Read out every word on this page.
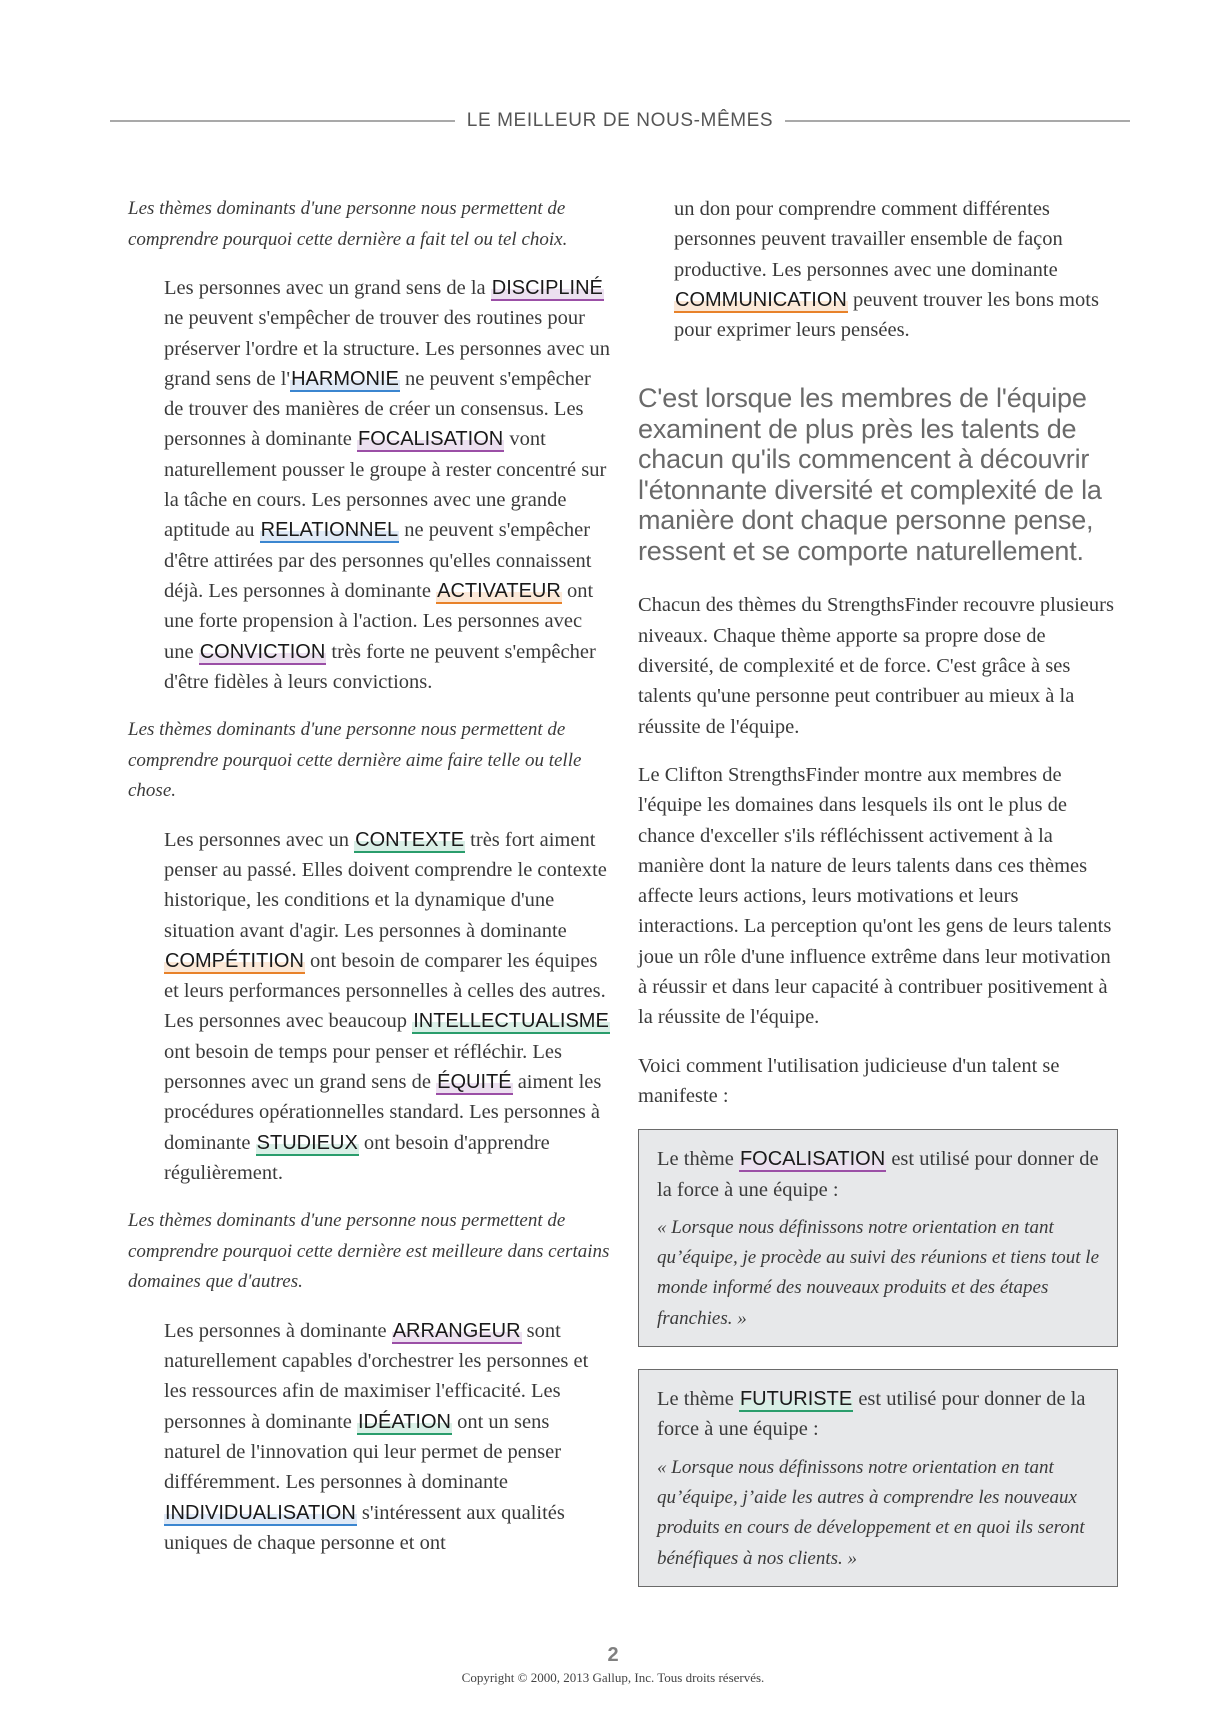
LE MEILLEUR DE NOUS-MÊMES

Les thèmes dominants d'une personne nous permettent de comprendre pourquoi cette dernière a fait tel ou tel choix.

Les personnes avec un grand sens de la DISCIPLINÉ ne peuvent s'empêcher de trouver des routines pour préserver l'ordre et la structure. Les personnes avec un grand sens de l'HARMONIE ne peuvent s'empêcher de trouver des manières de créer un consensus. Les personnes à dominante FOCALISATION vont naturellement pousser le groupe à rester concentré sur la tâche en cours. Les personnes avec une grande aptitude au RELATIONNEL ne peuvent s'empêcher d'être attirées par des personnes qu'elles connaissent déjà. Les personnes à dominante ACTIVATEUR ont une forte propension à l'action. Les personnes avec une CONVICTION très forte ne peuvent s'empêcher d'être fidèles à leurs convictions.

Les thèmes dominants d'une personne nous permettent de comprendre pourquoi cette dernière aime faire telle ou telle chose.

Les personnes avec un CONTEXTE très fort aiment penser au passé. Elles doivent comprendre le contexte historique, les conditions et la dynamique d'une situation avant d'agir. Les personnes à dominante COMPÉTITION ont besoin de comparer les équipes et leurs performances personnelles à celles des autres. Les personnes avec beaucoup INTELLECTUALISME ont besoin de temps pour penser et réfléchir. Les personnes avec un grand sens de ÉQUITÉ aiment les procédures opérationnelles standard. Les personnes à dominante STUDIEUX ont besoin d'apprendre régulièrement.

Les thèmes dominants d'une personne nous permettent de comprendre pourquoi cette dernière est meilleure dans certains domaines que d'autres.

Les personnes à dominante ARRANGEUR sont naturellement capables d'orchestrer les personnes et les ressources afin de maximiser l'efficacité. Les personnes à dominante IDÉATION ont un sens naturel de l'innovation qui leur permet de penser différemment. Les personnes à dominante INDIVIDUALISATION s'intéressent aux qualités uniques de chaque personne et ont

un don pour comprendre comment différentes personnes peuvent travailler ensemble de façon productive. Les personnes avec une dominante COMMUNICATION peuvent trouver les bons mots pour exprimer leurs pensées.

C'est lorsque les membres de l'équipe examinent de plus près les talents de chacun qu'ils commencent à découvrir l'étonnante diversité et complexité de la manière dont chaque personne pense, ressent et se comporte naturellement.

Chacun des thèmes du StrengthsFinder recouvre plusieurs niveaux. Chaque thème apporte sa propre dose de diversité, de complexité et de force. C'est grâce à ses talents qu'une personne peut contribuer au mieux à la réussite de l'équipe.

Le Clifton StrengthsFinder montre aux membres de l'équipe les domaines dans lesquels ils ont le plus de chance d'exceller s'ils réfléchissent activement à la manière dont la nature de leurs talents dans ces thèmes affecte leurs actions, leurs motivations et leurs interactions. La perception qu'ont les gens de leurs talents joue un rôle d'une influence extrême dans leur motivation à réussir et dans leur capacité à contribuer positivement à la réussite de l'équipe.

Voici comment l'utilisation judicieuse d'un talent se manifeste :

Le thème FOCALISATION est utilisé pour donner de la force à une équipe :

« Lorsque nous définissons notre orientation en tant qu’équipe, je procède au suivi des réunions et tiens tout le monde informé des nouveaux produits et des étapes franchies. »

Le thème FUTURISTE est utilisé pour donner de la force à une équipe :

« Lorsque nous définissons notre orientation en tant qu’équipe, j’aide les autres à comprendre les nouveaux produits en cours de développement et en quoi ils seront bénéfiques à nos clients. »

2
Copyright © 2000, 2013 Gallup, Inc. Tous droits réservés.
